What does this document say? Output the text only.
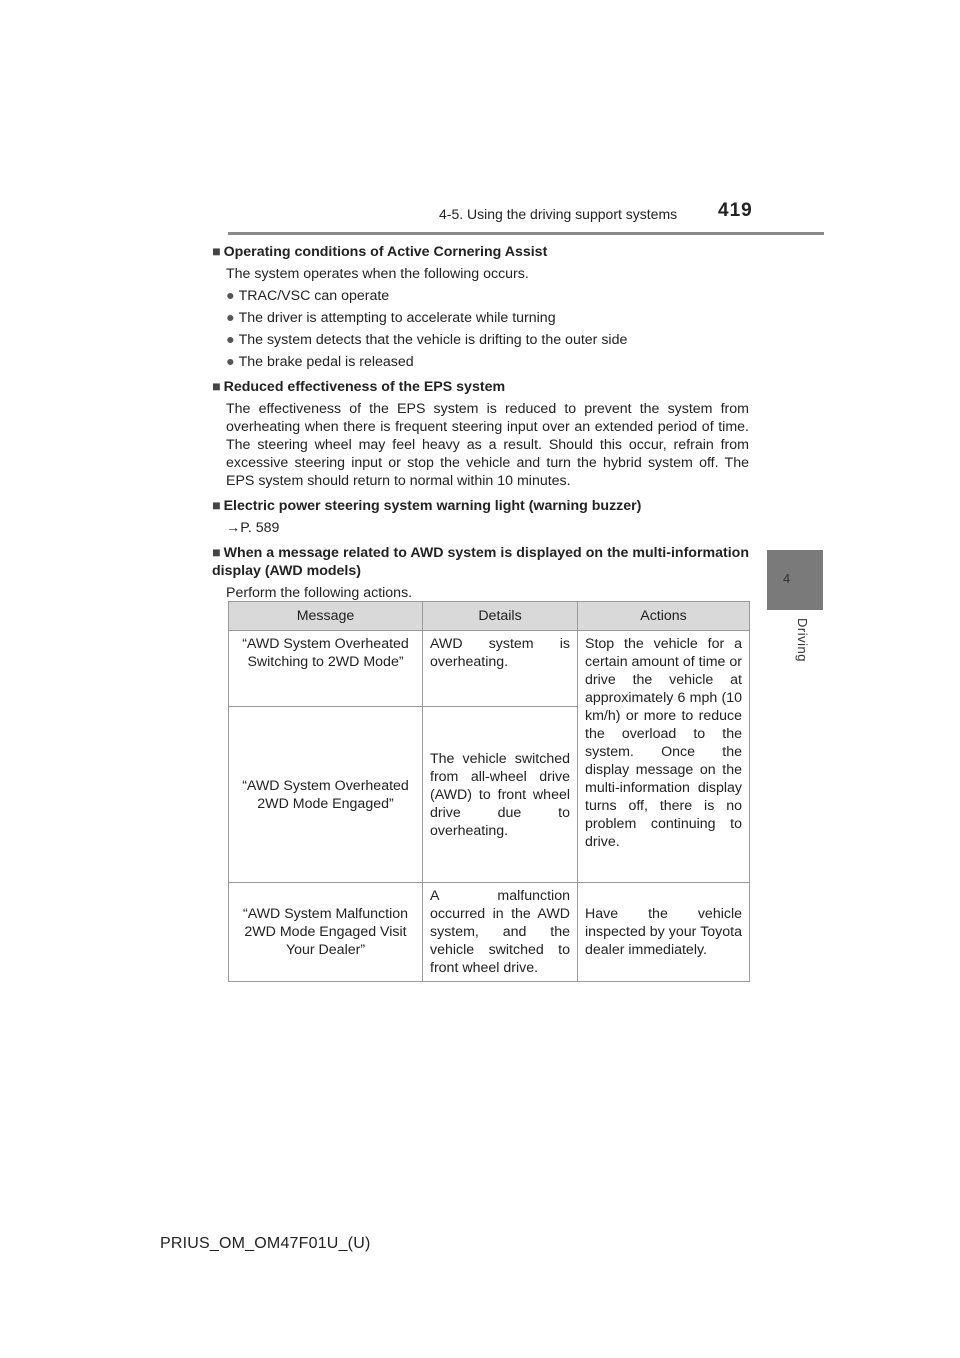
4-5. Using the driving support systems 419
4
Driving

■ Operating conditions of Active Cornering Assist

The system operates when the following occurs.
● TRAC/VSC can operate
● The driver is attempting to accelerate while turning
● The system detects that the vehicle is drifting to the outer side
● The brake pedal is released

■ Reduced effectiveness of the EPS system

The effectiveness of the EPS system is reduced to prevent the system from overheating when there is frequent steering input over an extended period of time. The steering wheel may feel heavy as a result. Should this occur, refrain from excessive steering input or stop the vehicle and turn the hybrid system off. The EPS system should return to normal within 10 minutes.

■ Electric power steering system warning light (warning buzzer)

→P. 589

■ When a message related to AWD system is displayed on the multi-information display (AWD models)

Perform the following actions.
Message	Details	Actions
“AWD System Overheated Switching to 2WD Mode”	AWD system is overheating.	Stop the vehicle for a certain amount of time or drive the vehicle at approximately 6 mph (10 km/h) or more to reduce the overload to the system. Once the display message on the multi-information display turns off, there is no problem continuing to drive.
“AWD System Overheated 2WD Mode Engaged”	The vehicle switched from all-wheel drive (AWD) to front wheel drive due to overheating.	
“AWD System Malfunction 2WD Mode Engaged Visit Your Dealer”	A malfunction occurred in the AWD system, and the vehicle switched to front wheel drive.	Have the vehicle inspected by your Toyota dealer immediately.
PRIUS_OM_OM47F01U_(U)
